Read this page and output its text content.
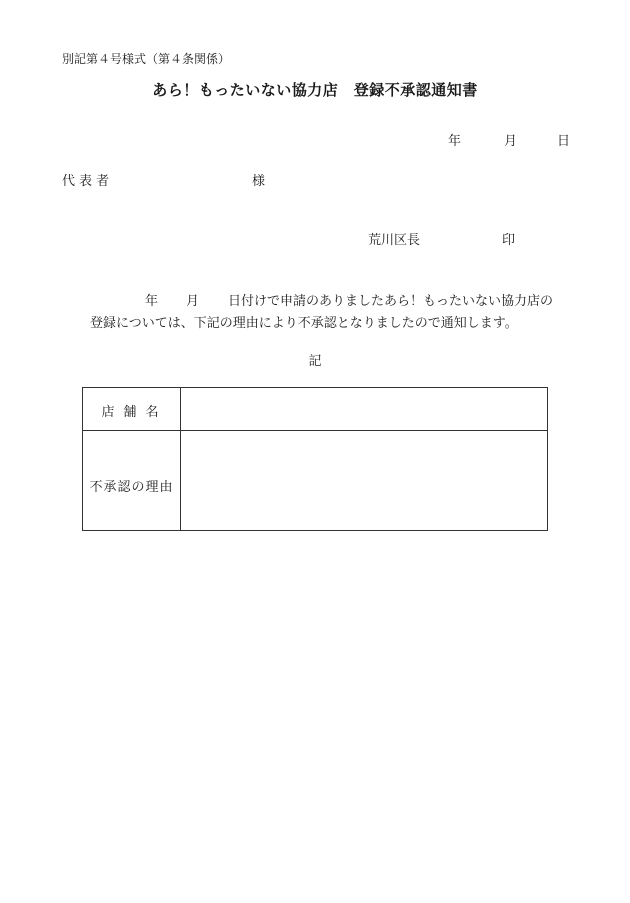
別記第４号様式（第４条関係）
あら！もったいない協力店　登録不承認通知書
年	月	日
代表者	様
荒川区長	印
年 月 日付けで申請のありましたあら！もったいない協力店の
登録については、下記の理由により不承認となりましたので通知します。
記
店舗名
不承認の理由
